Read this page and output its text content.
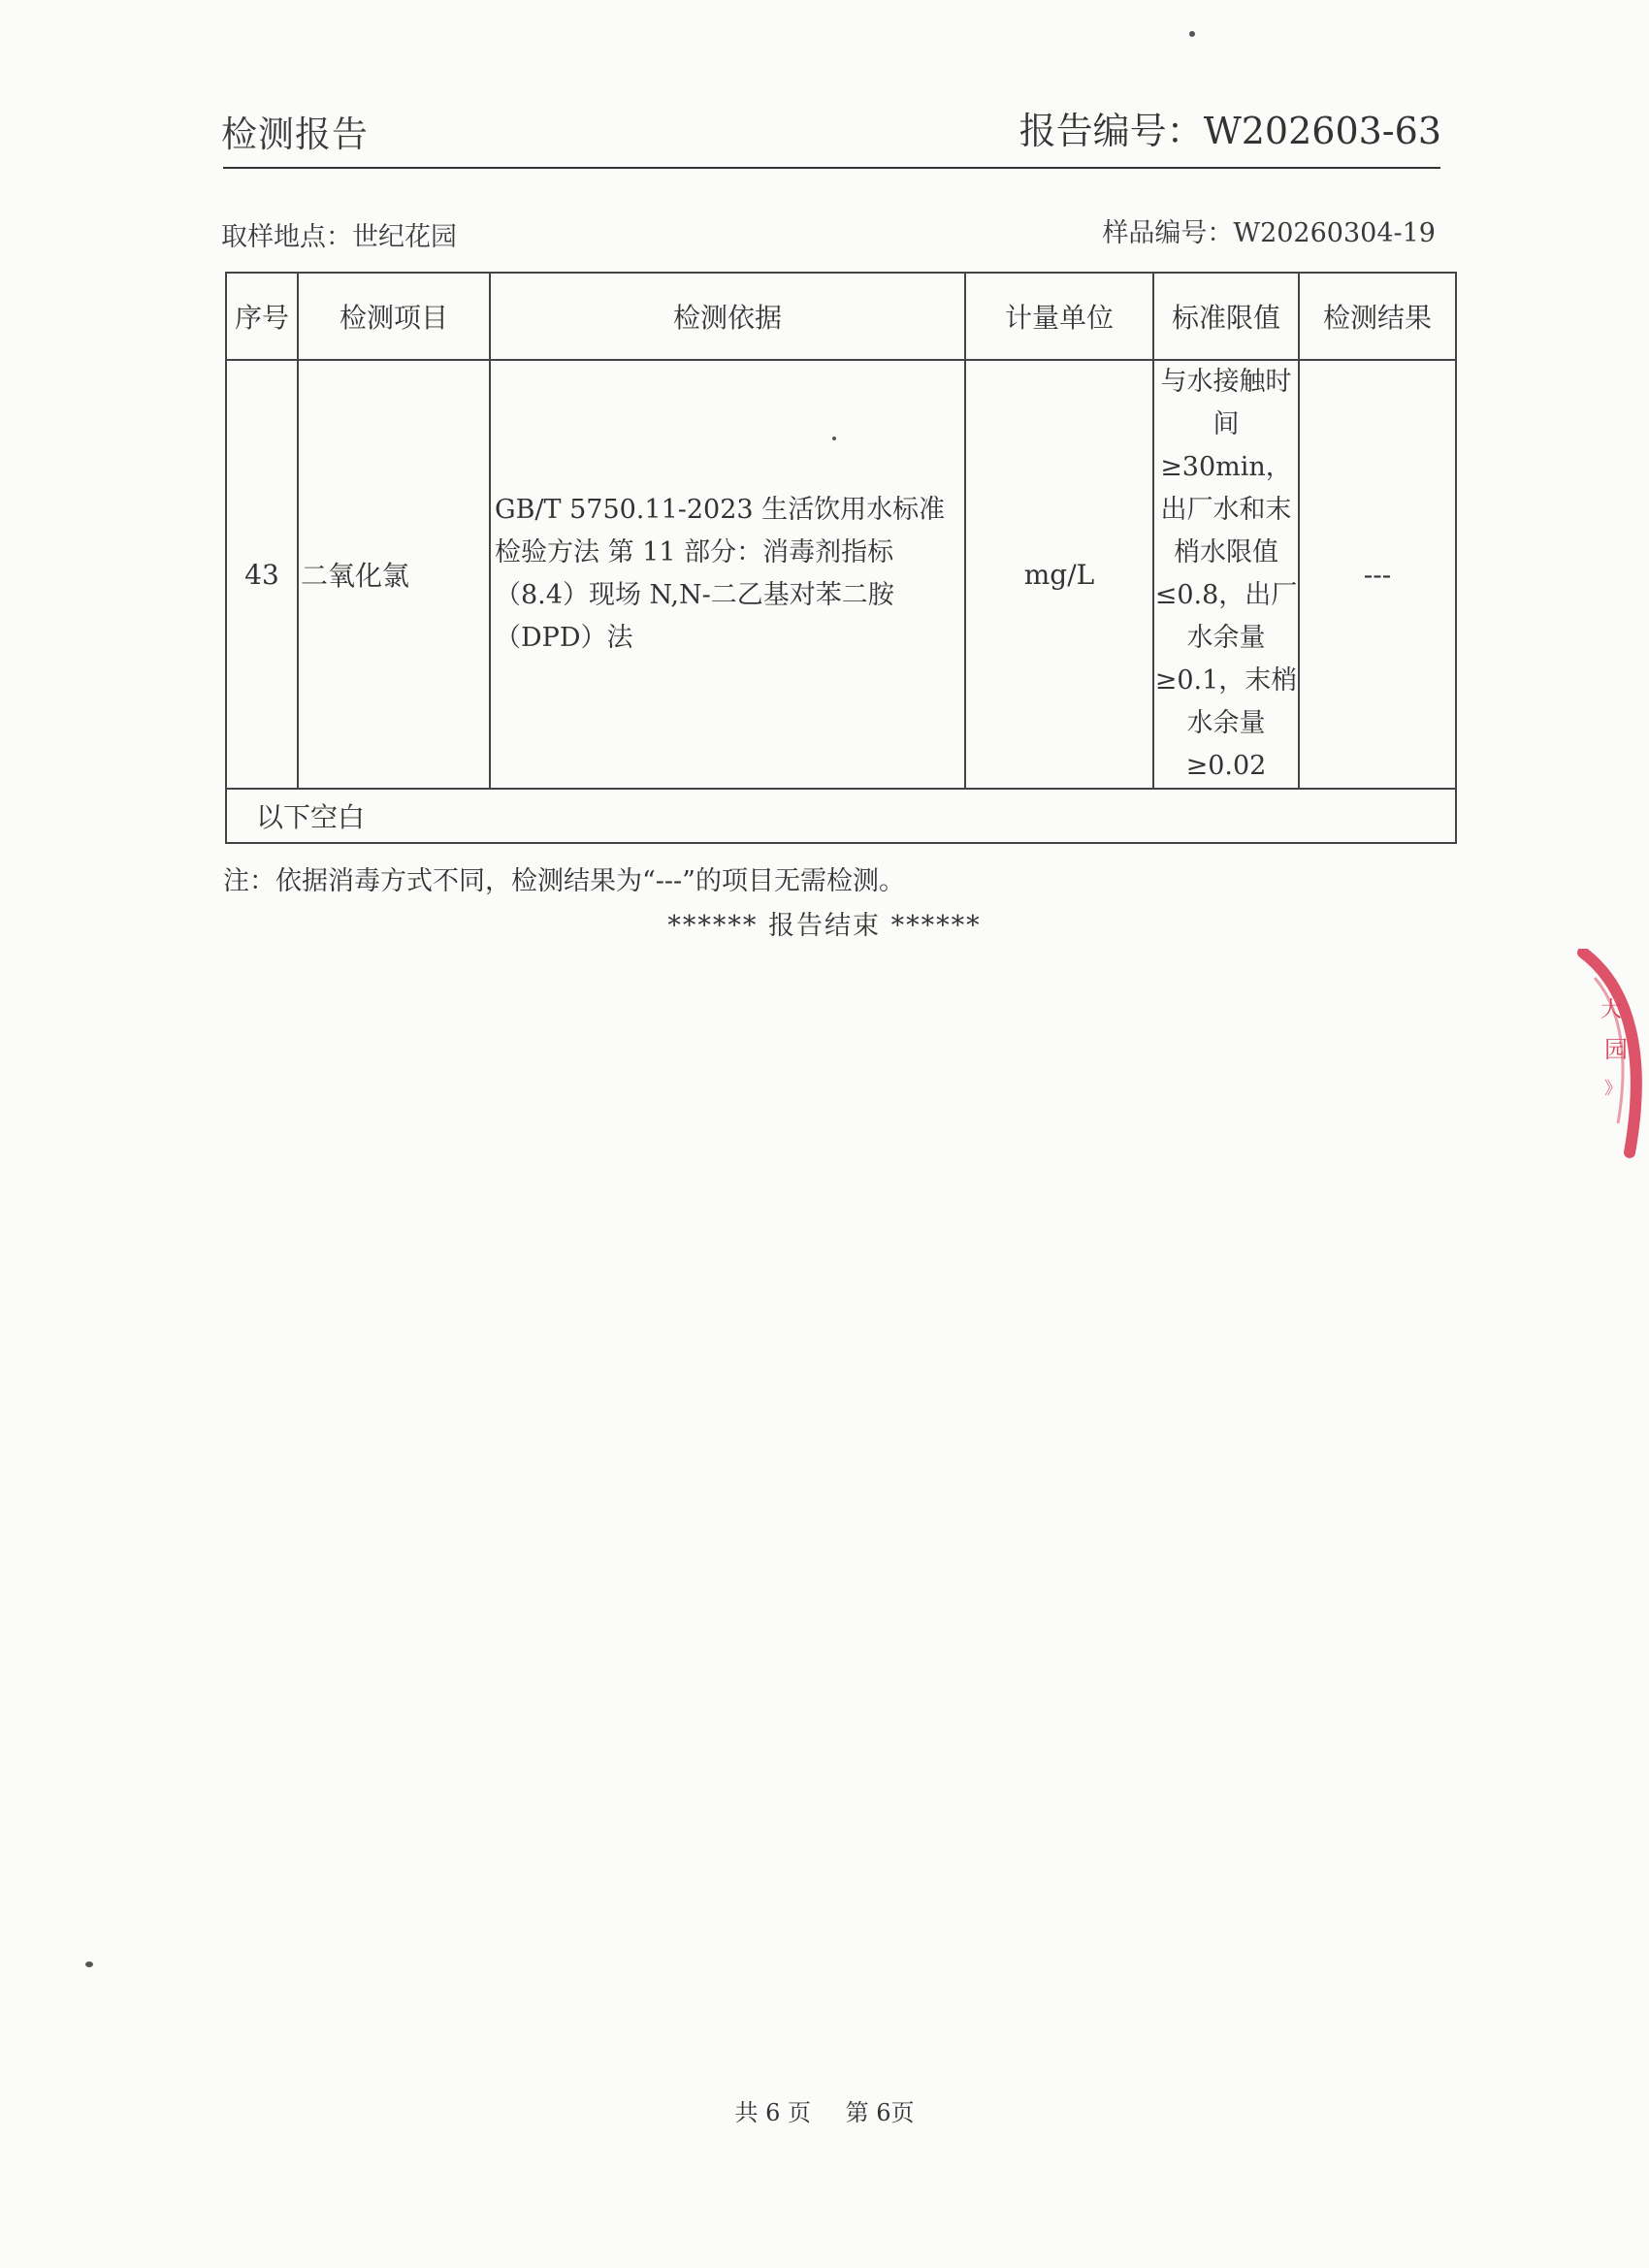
检测报告	报告编号：W202603-63
取样地点：世纪花园	样品编号：W20260304-19
序号	检测项目	检测依据	计量单位	标准限值	检测结果
43	二氧化氯	GB/T 5750.11-2023 生活饮用水标准检验方法 第 11 部分：消毒剂指标（8.4）现场 N,N-二乙基对苯二胺（DPD）法	mg/L	与水接触时间≥30min，出厂水和末梢水限值≤0.8，出厂水余量≥0.1，末梢水余量≥0.02	---
以下空白					
注：依据消毒方式不同，检测结果为“---”的项目无需检测。
****** 报告结束 ******
共 6 页 第 6页
大
园
》
